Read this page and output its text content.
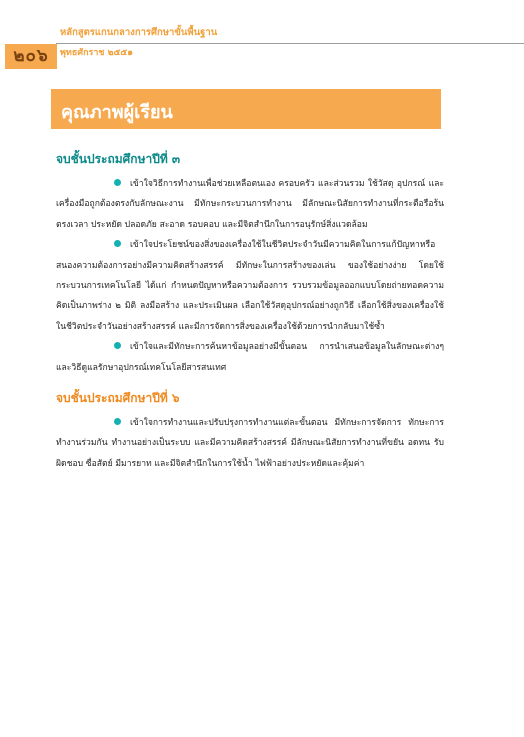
หลักสูตรแกนกลางการศึกษาขั้นพื้นฐาน

พุทธศักราช ๒๕๕๑

๒๐๖

คุณภาพผู้เรียน

จบชั้นประถมศึกษาปีที่ ๓

เข้าใจวิธีการทำงานเพื่อช่วยเหลือตนเอง ครอบครัว และส่วนรวม ใช้วัสดุ อุปกรณ์ และเครื่องมือถูกต้องตรงกับลักษณะงาน มีทักษะกระบวนการทำงาน มีลักษณะนิสัยการทำงานที่กระตือรือร้น ตรงเวลา ประหยัด ปลอดภัย สะอาด รอบคอบ และมีจิตสำนึกในการอนุรักษ์สิ่งแวดล้อม

เข้าใจประโยชน์ของสิ่งของเครื่องใช้ในชีวิตประจำวันมีความคิดในการแก้ปัญหาหรือสนองความต้องการอย่างมีความคิดสร้างสรรค์ มีทักษะในการสร้างของเล่น ของใช้อย่างง่าย โดยใช้กระบวนการเทคโนโลยี ได้แก่ กำหนดปัญหาหรือความต้องการ รวบรวมข้อมูลออกแบบโดยถ่ายทอดความคิดเป็นภาพร่าง ๒ มิติ ลงมือสร้าง และประเมินผล เลือกใช้วัสดุอุปกรณ์อย่างถูกวิธี เลือกใช้สิ่งของเครื่องใช้ ในชีวิตประจำวันอย่างสร้างสรรค์ และมีการจัดการสิ่งของเครื่องใช้ด้วยการนำกลับมาใช้ซ้ำ

เข้าใจและมีทักษะการค้นหาข้อมูลอย่างมีขั้นตอน การนำเสนอข้อมูลในลักษณะต่างๆ และวิธีดูแลรักษาอุปกรณ์เทคโนโลยีสารสนเทศ

จบชั้นประถมศึกษาปีที่ ๖

เข้าใจการทำงานและปรับปรุงการทำงานแต่ละขั้นตอน มีทักษะการจัดการ ทักษะการทำงานร่วมกัน ทำงานอย่างเป็นระบบ และมีความคิดสร้างสรรค์ มีลักษณะนิสัยการทำงานที่ขยัน อดทน รับผิดชอบ ซื่อสัตย์ มีมารยาท และมีจิตสำนึกในการใช้น้ำ ไฟฟ้าอย่างประหยัดและคุ้มค่า
